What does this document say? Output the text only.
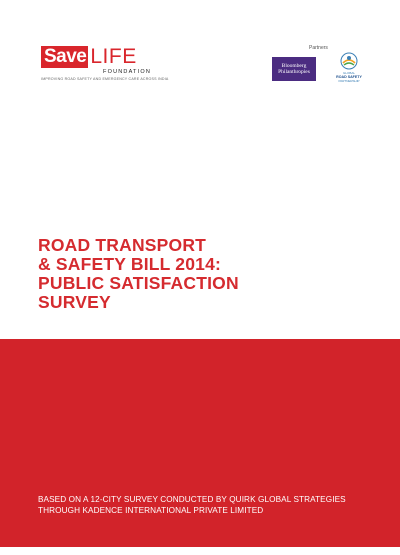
Save LIFE
FOUNDATION
IMPROVING ROAD SAFETY AND EMERGENCY CARE ACROSS INDIA
Partners
Bloomberg
Philanthropies	GLOBAL
ROAD SAFETY
PARTNERSHIP
ROAD TRANSPORT
& SAFETY BILL 2014:
PUBLIC SATISFACTION
SURVEY
BASED ON A 12-CITY SURVEY CONDUCTED BY QUIRK GLOBAL STRATEGIES
THROUGH KADENCE INTERNATIONAL PRIVATE LIMITED
